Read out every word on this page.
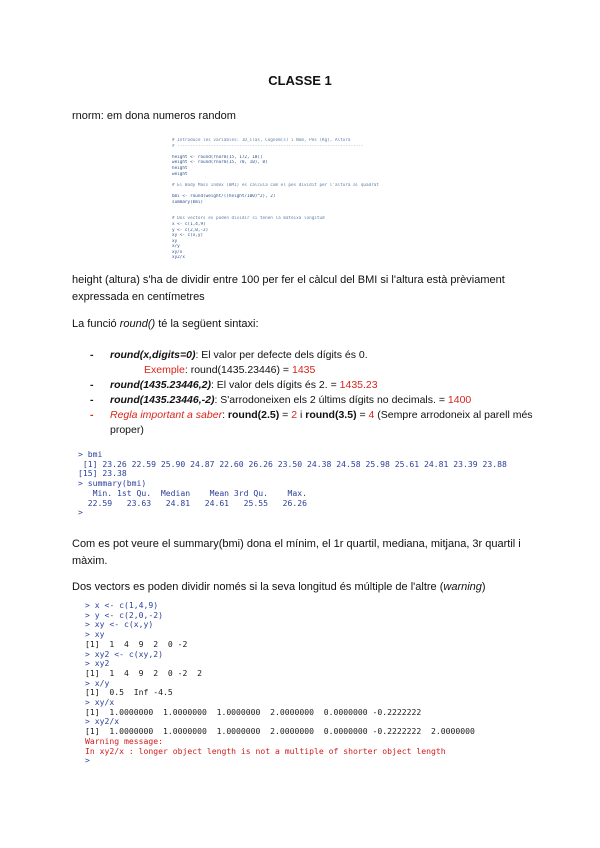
CLASSE 1
rnorm: em dona numeros random
# Introduce les variables: ID_Clas, Cognom(s) i Nom, Pes (Kg), Altura
# ------------------------------------------------------------------------
height <- round(rnorm(15, 172, 10))
weight <- round(rnorm(15, 70, 10), 0)
height
weight
# El Body Mass Index (BMI) es calcula com el pes dividit per l'altura al quadrat
bmi <- round(weight/((height/100)^2), 2)
summary(bmi)
# Dos vectors es poden dividir si tenen la mateixa longitud
x <- c(1,4,9)
y <- c(2,0,-2)
xy <- c(x,y)
xy
x/y
xy/x
xy2/x
height (altura) s'ha de dividir entre 100 per fer el càlcul del BMI si l'altura està prèviament expressada en centímetres
La funció round() té la següent sintaxi:
- round(x,digits=0): El valor per defecte dels dígits és 0.
Exemple: round(1435.23446) = 1435
- round(1435.23446,2): El valor dels dígits és 2. = 1435.23
- round(1435.23446,-2): S'arrodoneixen els 2 últims dígits no decimals. = 1400
- Regla important a saber: round(2.5) = 2 i round(3.5) = 4 (Sempre arrodoneix al parell més proper)
> bmi
[1] 23.26 22.59 25.90 24.87 22.60 26.26 23.50 24.38 24.58 25.98 25.61 24.81 23.39 23.88
[15] 23.38
> summary(bmi)
Min. 1st Qu.  Median    Mean 3rd Qu.    Max.
22.59   23.63   24.81   24.61   25.55   26.26
>
Com es pot veure el summary(bmi) dona el mínim, el 1r quartil, mediana, mitjana, 3r quartil i màxim.
Dos vectors es poden dividir només si la seva longitud és múltiple de l'altre (warning)
> x <- c(1,4,9)
> y <- c(2,0,-2)
> xy <- c(x,y)
> xy
[1]  1  4  9  2  0 -2
> xy2 <- c(xy,2)
> xy2
[1]  1  4  9  2  0 -2  2
> x/y
[1]  0.5  Inf -4.5
> xy/x
[1]  1.0000000  1.0000000  1.0000000  2.0000000  0.0000000 -0.2222222
> xy2/x
[1]  1.0000000  1.0000000  1.0000000  2.0000000  0.0000000 -0.2222222  2.0000000
Warning message:
In xy2/x : longer object length is not a multiple of shorter object length
>
